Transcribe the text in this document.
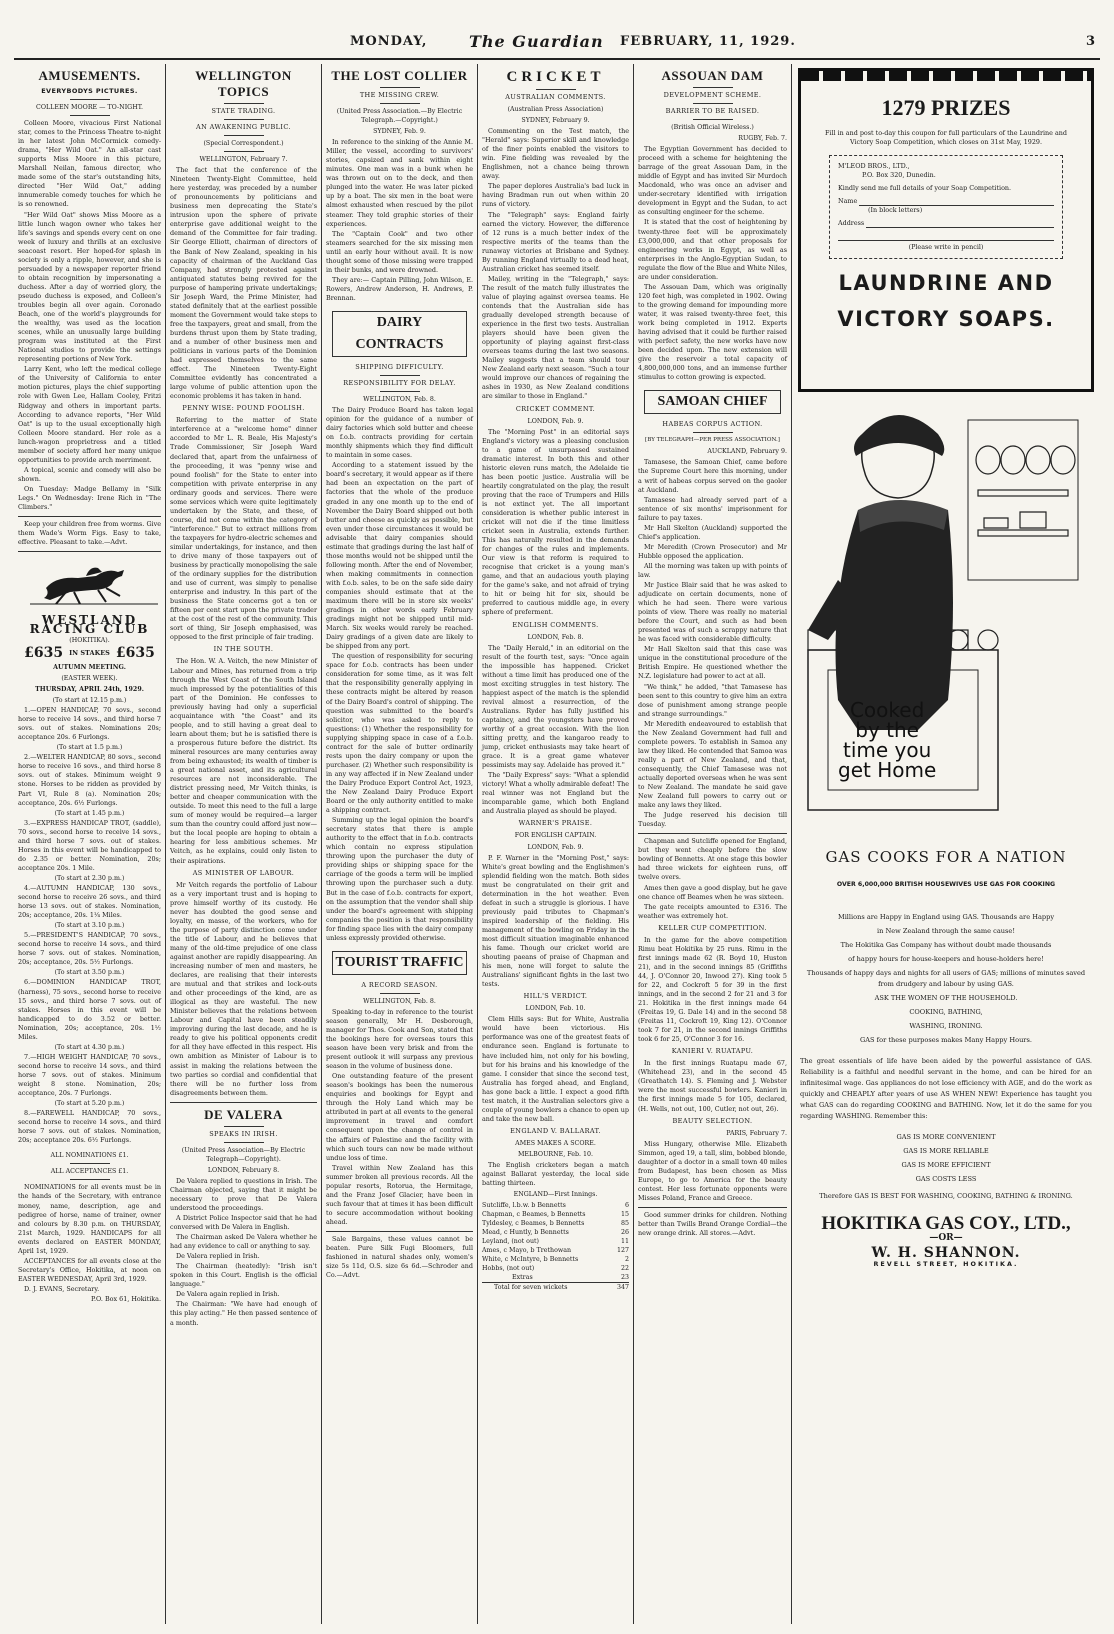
MONDAY,	The Guardian FEBRUARY, 11, 1929.	3
AMUSEMENTS.
EVERYBODYS PICTURES.
COLLEEN MOORE — TO-NIGHT.

Colleen Moore, vivacious First National star, comes to the Princess Theatre to-night in her latest John McCormick comedy-drama, "Her Wild Oat." An all-star cast supports Miss Moore in this picture, Marshall Neilan, famous director, who made some of the star's outstanding hits, directed "Her Wild Oat," adding innumerable comedy touches for which he is so renowned.

"Her Wild Oat" shows Miss Moore as a little lunch wagon owner who takes her life's savings and spends every cent on one week of luxury and thrills at an exclusive seacoast resort. Her hoped-for splash in society is only a ripple, however, and she is persuaded by a newspaper reporter friend to obtain recognition by impersonating a duchess. After a day of worried glory, the pseudo duchess is exposed, and Colleen's troubles begin all over again. Coronado Beach, one of the world's playgrounds for the wealthy, was used as the location scenes, while an unusually large building program was instituted at the First National studios to provide the settings representing portions of New York.

Larry Kent, who left the medical college of the University of California to enter motion pictures, plays the chief supporting role with Gwen Lee, Hallam Cooley, Fritzi Ridgway and others in important parts. According to advance reports, "Her Wild Oat" is up to the usual exceptionally high Colleen Moore standard. Her role as a lunch-wagon proprietress and a titled member of society afford her many unique opportunities to provide arch merriment.

A topical, scenic and comedy will also be shown.

On Tuesday: Madge Bellamy in "Silk Legs." On Wednesday: Irene Rich in "The Climbers."

Keep your children free from worms. Give them Wade's Worm Figs. Easy to take, effective. Pleasant to take.—Advt.

WESTLAND RACING CLUB
(HOKITIKA).
£635 IN STAKES £635
AUTUMN MEETING.
(EASTER WEEK).
THURSDAY, APRIL 24th, 1929.

(To start at 12.15 p.m.)

1.—OPEN HANDICAP, 70 sovs., second horse to receive 14 sovs., and third horse 7 sovs. out of stakes. Nominations 20s; acceptance 20s. 6 Furlongs.

(To start at 1.5 p.m.)

2.—WELTER HANDICAP, 80 sovs., second horse to receive 16 sovs., and third horse 8 sovs. out of stakes. Minimum weight 9 stone. Horses to be ridden as provided by Part VI, Rule 8 (a). Nomination 20s; acceptance, 20s. 6½ Furlongs.

(To start at 1.45 p.m.)

3.—EXPRESS HANDICAP TROT, (saddle), 70 sovs., second horse to receive 14 sovs., and third horse 7 sovs. out of stakes. Horses in this event will be handicapped to do 2.35 or better. Nomination, 20s; acceptance 20s. 1 Mile.

(To start at 2.30 p.m.)

4.—AUTUMN HANDICAP, 130 sovs., second horse to receive 26 sovs., and third horse 13 sovs. out of stakes. Nomination, 20s; acceptance, 20s. 1¼ Miles.

(To start at 3.10 p.m.)

5.—PRESIDENT'S HANDICAP, 70 sovs., second horse to receive 14 sovs., and third horse 7 sovs. out of stakes. Nomination, 20s; acceptance, 20s. 5½ Furlongs.

(To start at 3.50 p.m.)

6.—DOMINION HANDICAP TROT, (harness), 75 sovs., second horse to receive 15 sovs., and third horse 7 sovs. out of stakes. Horses in this event will be handicapped to do 3.52 or better. Nomination, 20s; acceptance, 20s. 1½ Miles.

(To start at 4.30 p.m.)

7.—HIGH WEIGHT HANDICAP, 70 sovs., second horse to receive 14 sovs., and third horse 7 sovs. out of stakes. Minimum weight 8 stone. Nomination, 20s; acceptance, 20s. 7 Furlongs.

(To start at 5.20 p.m.)

8.—FAREWELL HANDICAP, 70 sovs., second horse to receive 14 sovs., and third horse 7 sovs. out of stakes. Nomination, 20s; acceptance 20s. 6½ Furlongs.

ALL NOMINATIONS £1.
ALL ACCEPTANCES £1.

NOMINATIONS for all events must be in the hands of the Secretary, with entrance money, name, description, age and pedigree of horse, name of trainer, owner and colours by 8.30 p.m. on THURSDAY, 21st March, 1929. HANDICAPS for all events declared on EASTER MONDAY, April 1st, 1929.

ACCEPTANCES for all events close at the Secretary's Office, Hokitika, at noon on EASTER WEDNESDAY, April 3rd, 1929.

D. J. EVANS, Secretary.

P.O. Box 61, Hokitika.

WELLINGTON TOPICS
STATE TRADING.
AN AWAKENING PUBLIC.
(Special Correspondent.)
WELLINGTON, February 7.

The fact that the conference of the Nineteen Twenty-Eight Committee, held here yesterday, was preceded by a number of pronouncements by politicians and business men deprecating the State's intrusion upon the sphere of private enterprise gave additional weight to the demand of the Committee for fair trading. Sir George Elliott, chairman of directors of the Bank of New Zealand, speaking in his capacity of chairman of the Auckland Gas Company, had strongly protested against antiquated statutes being revived for the purpose of hampering private undertakings; Sir Joseph Ward, the Prime Minister, had stated definitely that at the earliest possible moment the Government would take steps to free the taxpayers, great and small, from the burdens thrust upon them by State trading, and a number of other business men and politicians in various parts of the Dominion had expressed themselves to the same effect. The Nineteen Twenty-Eight Committee evidently has concentrated a large volume of public attention upon the economic problems it has taken in hand.

PENNY WISE: POUND FOOLISH.

Referring to the matter of State interference at a "welcome home" dinner accorded to Mr L. R. Beale, His Majesty's Trade Commissioner, Sir Joseph Ward declared that, apart from the unfairness of the proceeding, it was "penny wise and pound foolish" for the State to enter into competition with private enterprise in any ordinary goods and services. There were some services which were quite legitimately undertaken by the State, and these, of course, did not come within the category of "interference." But to extract millions from the taxpayers for hydro-electric schemes and similar undertakings, for instance, and then to drive many of those taxpayers out of business by practically monopolising the sale of the ordinary supplies for the distribution and use of current, was simply to penalise enterprise and industry. In this part of the business the State concerns got a ten or fifteen per cent start upon the private trader at the cost of the rest of the community. This sort of thing, Sir Joseph emphasised, was opposed to the first principle of fair trading.

IN THE SOUTH.

The Hon. W. A. Veitch, the new Minister of Labour and Mines, has returned from a trip through the West Coast of the South Island much impressed by the potentialities of this part of the Dominion. He confesses to previously having had only a superficial acquaintance with "the Coast" and its people, and to still having a great deal to learn about them; but he is satisfied there is a prosperous future before the district. Its mineral resources are many centuries away from being exhausted; its wealth of timber is a great national asset, and its agricultural resources are not inconsiderable. The district pressing need, Mr Veitch thinks, is better and cheaper communication with the outside. To meet this need to the full a large sum of money would be required—a larger sum than the country could afford just now—but the local people are hoping to obtain a hearing for less ambitious schemes. Mr Veitch, as he explains, could only listen to their aspirations.

AS MINISTER OF LABOUR.

Mr Veitch regards the portfolio of Labour as a very important trust and is hoping to prove himself worthy of its custody. He never has doubted the good sense and loyalty, en masse, of the workers, who for the purpose of party distinction come under the title of Labour, and he believes that many of the old-time prejudice of one class against another are rapidly disappearing. An increasing number of men and masters, he declares, are realising that their interests are mutual and that strikes and lock-outs and other proceedings of the kind, are as illogical as they are wasteful. The new Minister believes that the relations between Labour and Capital have been steadily improving during the last decade, and he is ready to give his political opponents credit for all they have effected in this respect. His own ambition as Minister of Labour is to assist in making the relations between the two parties so cordial and confidential that there will be no further loss from disagreements between them.

DE VALERA
SPEAKS IN IRISH.
(United Press Association—By Electric Telegraph—Copyright).
LONDON, February 8.

De Valera replied to questions in Irish. The Chairman objected, saying that it might be necessary to prove that De Valera understood the proceedings.

A District Police Inspector said that he had conversed with De Valera in English.

The Chairman asked De Valera whether he had any evidence to call or anything to say.

De Valera replied in Irish.

The Chairman (heatedly): "Irish isn't spoken in this Court. English is the official language."

De Valera again replied in Irish.

The Chairman: "We have had enough of this play acting." He then passed sentence of a month.

THE LOST COLLIER
THE MISSING CREW.
(United Press Association.—By Electric Telegraph.—Copyright.)
SYDNEY, Feb. 9.

In reference to the sinking of the Annie M. Miller, the vessel, according to survivors' stories, capsized and sank within eight minutes. One man was in a bunk when he was thrown out on to the deck, and then plunged into the water. He was later picked up by a boat. The six men in the boat were almost exhausted when rescued by the pilot steamer. They told graphic stories of their experiences.

The "Captain Cook" and two other steamers searched for the six missing men until an early hour without avail. It is now thought some of those missing were trapped in their bunks, and were drowned.

They are:— Captain Pilling, John Wilson, E. Rowers, Andrew Anderson, H. Andrews, P. Brennan.

DAIRY CONTRACTS
SHIPPING DIFFICULTY.
RESPONSIBILITY FOR DELAY.
WELLINGTON, Feb. 8.

The Dairy Produce Board has taken legal opinion for the guidance of a number of dairy factories which sold butter and cheese on f.o.b. contracts providing for certain monthly shipments which they find difficult to maintain in some cases.

According to a statement issued by the board's secretary, it would appear as if there had been an expectation on the part of factories that the whole of the produce graded in any one month up to the end of November the Dairy Board shipped out both butter and cheese as quickly as possible, but even under those circumstances it would be advisable that dairy companies should estimate that gradings during the last half of those months would not be shipped until the following month. After the end of November, when making commitments in connection with f.o.b. sales, to be on the safe side dairy companies should estimate that at the maximum there will be in store six weeks' gradings in other words early February gradings might not be shipped until mid-March. Six weeks would rarely be reached. Dairy gradings of a given date are likely to be shipped from any port.

The question of responsibility for securing space for f.o.b. contracts has been under consideration for some time, as it was felt that the responsibility generally applying in these contracts might be altered by reason of the Dairy Board's control of shipping. The question was submitted to the board's solicitor, who was asked to reply to questions: (1) Whether the responsibility for supplying shipping space in case of a f.o.b. contract for the sale of butter ordinarily rests upon the dairy company or upon the purchaser. (2) Whether such responsibility is in any way affected if in New Zealand under the Dairy Produce Export Control Act, 1923, the New Zealand Dairy Produce Export Board or the only authority entitled to make a shipping contract.

Summing up the legal opinion the board's secretary states that there is ample authority to the effect that in f.o.b. contracts which contain no express stipulation throwing upon the purchaser the duty of providing ships or shipping space for the carriage of the goods a term will be implied throwing upon the purchaser such a duty. But in the case of f.o.b. contracts for export, on the assumption that the vendor shall ship under the board's agreement with shipping companies the position is that responsibility for finding space lies with the dairy company unless expressly provided otherwise.

TOURIST TRAFFIC
A RECORD SEASON.
WELLINGTON, Feb. 8.

Speaking to-day in reference to the tourist season generally, Mr H. Desborough, manager for Thos. Cook and Son, stated that the bookings here for overseas tours this season have been very brisk and from the present outlook it will surpass any previous season in the volume of business done.

One outstanding feature of the present season's bookings has been the numerous enquiries and bookings for Egypt and through the Holy Land which may be attributed in part at all events to the general improvement in travel and comfort consequent upon the change of control in the affairs of Palestine and the facility with which such tours can now be made without undue loss of time.

Travel within New Zealand has this summer broken all previous records. All the popular resorts, Rotorua, the Hermitage, and the Franz Josef Glacier, have been in such favour that at times it has been difficult to secure accommodation without booking ahead.

Sale Bargains, these values cannot be beaten. Pure Silk Fugi Bloomers, full fashioned in natural shades only, women's size 5s 11d, O.S. size 6s 6d.—Schroder and Co.—Advt.

CRICKET
AUSTRALIAN COMMENTS.
(Australian Press Association)
SYDNEY, February 9.

Commenting on the Test match, the "Herald" says: Superior skill and knowledge of the finer points enabled the visitors to win. Fine fielding was revealed by the Englishmen, not a chance being thrown away.

The paper deplores Australia's bad luck in having Bradman run out when within 20 runs of victory.

The "Telegraph" says: England fairly earned the victory. However, the difference of 12 runs is a much better index of the respective merits of the teams than the runaway victories at Brisbane and Sydney. By running England virtually to a dead heat, Australian cricket has seemed itself.

Mailey, writing in the "Telegraph," says: The result of the match fully illustrates the value of playing against oversea teams. He contends that the Australian side has gradually developed strength because of experience in the first two tests. Australian players should have been given the opportunity of playing against first-class overseas teams during the last two seasons. Mailey suggests that a team should tour New Zealand early next season. "Such a tour would improve our chances of regaining the ashes in 1930, as New Zealand conditions are similar to those in England."

CRICKET COMMENT.
LONDON, Feb. 9.

The "Morning Post" in an editorial says England's victory was a pleasing conclusion to a game of unsurpassed sustained dramatic interest. In both this and other historic eleven runs match, the Adelaide tie has been poetic justice. Australia will be heartily congratulated on the play, the result proving that the race of Trumpers and Hills is not extinct yet. The all important consideration is whether public interest in cricket will not die if the time limitless cricket seen in Australia, extends further. This has naturally resulted in the demands for changes of the rules and implements. Our view is that reform is required to recognise that cricket is a young man's game, and that an audacious youth playing for the game's sake, and not afraid of trying to hit or being hit for six, should be preferred to cautious middle age, in every sphere of preferment.

ENGLISH COMMENTS.
LONDON, Feb. 8.

The "Daily Herald," in an editorial on the result of the fourth test, says: "Once again the impossible has happened. Cricket without a time limit has produced one of the most exciting struggles in test history. The happiest aspect of the match is the splendid revival almost a resurrection, of the Australians. Ryder has fully justified his captaincy, and the youngsters have proved worthy of a great occasion. With the lion sitting pretty, and the kangaroo ready to jump, cricket enthusiasts may take heart of grace. It is a great game whatever pessimists may say. Adelaide has proved it."

The "Daily Express" says: "What a splendid victory! What a wholly admirable defeat! The real winner was not England but the incomparable game, which both England and Australia played as should be played.

WARNER'S PRAISE.
FOR ENGLISH CAPTAIN.
LONDON, Feb. 9.

P. F. Warner in the "Morning Post," says: White's great bowling and the Englishmen's splendid fielding won the match. Both sides must be congratulated on their grit and determination in the hot weather. Even defeat in such a struggle is glorious. I have previously paid tributes to Chapman's inspired leadership of the fielding. His management of the bowling on Friday in the most difficult situation imaginable enhanced his fame. Though our cricket world are shouting paeans of praise of Chapman and his men, none will forget to salute the Australians' significant fights in the last two tests.

HILL'S VERDICT.
LONDON, Feb. 10.

Clem Hills says: But for White, Australia would have been victorious. His performance was one of the greatest feats of endurance seen. England is fortunate to have included him, not only for his bowling, but for his brains and his knowledge of the game. I consider that since the second test, Australia has forged ahead, and England, has gone back a little. I expect a good fifth test match, it the Australian selectors give a couple of young bowlers a chance to open up and take the new ball.

ENGLAND V. BALLARAT.
AMES MAKES A SCORE.
MELBOURNE, Feb. 10.

The English cricketers began a match against Ballarat yesterday, the local side batting thirteen.

ENGLAND—First Innings.
Sutcliffe, l.b.w. b Bennetts	6
Chapman, c Beames, b Bennetts	15
Tyldesley, c Beames, b Bennetts	85
Mead, c Huntly, b Bennetts	26
Leyland, (not out)	11
Ames, c Mayo, b Trethowan	127
White, c McIntyre, b Bennetts	2
Hobbs, (not out)	22
Extras	23
Total for seven wickets	347
ASSOUAN DAM
DEVELOPMENT SCHEME.
BARRIER TO BE RAISED.
(British Official Wireless.)
RUGBY, Feb. 7.

The Egyptian Government has decided to proceed with a scheme for heightening the barrage of the great Assouan Dam, in the middle of Egypt and has invited Sir Murdoch Macdonald, who was once an adviser and under-secretary identified with irrigation development in Egypt and the Sudan, to act as consulting engineer for the scheme.

It is stated that the cost of heightening by twenty-three feet will be approximately £3,000,000, and that other proposals for engineering works in Egypt, as well as enterprises in the Anglo-Egyptian Sudan, to regulate the flow of the Blue and White Niles, are under consideration.

The Assouan Dam, which was originally 120 feet high, was completed in 1902. Owing to the growing demand for impounding more water, it was raised twenty-three feet, this work being completed in 1912. Experts having advised that it could be further raised with perfect safety, the new works have now been decided upon. The new extension will give the reservoir a total capacity of 4,800,000,000 tons, and an immense further stimulus to cotton growing is expected.

SAMOAN CHIEF
HABEAS CORPUS ACTION.
[BY TELEGRAPH—PER PRESS ASSOCIATION.]
AUCKLAND, February 9.

Tamasese, the Samoan Chief, came before the Supreme Court here this morning, under a writ of habeas corpus served on the gaoler at Auckland.

Tamasese had already served part of a sentence of six months' imprisonment for failure to pay taxes.

Mr Hall Skelton (Auckland) supported the Chief's application.

Mr Meredith (Crown Prosecutor) and Mr Hubble opposed the application.

All the morning was taken up with points of law.

Mr Justice Blair said that he was asked to adjudicate on certain documents, none of which he had seen. There were various points of view. There was really no material before the Court, and such as had been presented was of such a scrappy nature that he was faced with considerable difficulty.

Mr Hall Skelton said that this case was unique in the constitutional procedure of the British Empire. He questioned whether the N.Z. legislature had power to act at all.

"We think," he added, "that Tamasese has been sent to this country to give him an extra dose of punishment among strange people and strange surroundings."

Mr Meredith endeavoured to establish that the New Zealand Government had full and complete powers. To establish in Samoa any law they liked. He contended that Samoa was really a part of New Zealand, and that, consequently, the Chief Tamasese was not actually deported overseas when he was sent to New Zealand. The mandate he said gave New Zealand full powers to carry out or make any laws they liked.

The Judge reserved his decision till Tuesday.

Chapman and Sutcliffe opened for England, but they went cheaply before the slow bowling of Bennetts. At one stage this bowler had three wickets for eighteen runs, off twelve overs.

Ames then gave a good display, but he gave one chance off Beames when he was sixteen.

The gate receipts amounted to £316. The weather was extremely hot.

KELLER CUP COMPETITION.

In the game for the above competition Rimu beat Hokitika by 25 runs. Rimu in the first innings made 62 (R. Boyd 10, Huston 21), and in the second innings 85 (Griffiths 44, J. O'Connor 20, Inwood 27). King took 5 for 22, and Cockroft 5 for 39 in the first innings, and in the second 2 for 21 and 3 for 21. Hokitika in the first innings made 64 (Freitas 19, G. Dale 14) and in the second 58 (Freitas 11, Cockroft 19, King 12). O'Connor took 7 for 21, in the second innings Griffiths took 6 for 25, O'Connor 3 for 16.

KANIERI V. RUATAPU.

In the first innings Ruatapu made 67, (Whitehead 23), and in the second 45 (Greathatch 14). S. Fleming and J. Webster were the most successful bowlers. Kanieri in the first innings made 5 for 105, declared, (H. Wells, not out, 100, Cutler, not out, 26).

BEAUTY SELECTION.
PARIS, February 7.

Miss Hungary, otherwise Mlle. Elizabeth Simmon, aged 19, a tall, slim, bobbed blonde, daughter of a doctor in a small town 40 miles from Budapest, has been chosen as Miss Europe, to go to America for the beauty contest. Her less fortunate opponents were Misses Poland, France and Greece.

Good summer drinks for children. Nothing better than Twills Brand Orange Cordial—the new orange drink. All stores.—Advt.

1279 PRIZES
Fill in and post to-day this coupon for full particulars of the Laundrine and Victory Soap Competition, which closes on 31st May, 1929.
M'LEOD BROS., LTD.,
P.O. Box 320, Dunedin.
Kindly send me full details of your Soap Competition.
Name
(In block letters)
Address
(Please write in pencil)
LAUNDRINE AND
VICTORY SOAPS.
Cooked
by the
time you
get Home
GAS COOKS FOR A NATION
OVER 6,000,000 BRITISH HOUSEWIVES USE GAS FOR COOKING
Millions are Happy in England using GAS. Thousands are Happy
in New Zealand through the same cause!
The Hokitika Gas Company has without doubt made thousands
of happy hours for house-keepers and house-holders here!
Thousands of happy days and nights for all users of GAS; millions of minutes saved from drudgery and labour by using GAS.
ASK THE WOMEN OF THE HOUSEHOLD.
COOKING, BATHING,
WASHING, IRONING.
GAS for these purposes makes Many Happy Hours.
The great essentials of life have been aided by the powerful assistance of GAS. Reliability is a faithful and needful servant in the home, and can be hired for an infinitesimal wage. Gas appliances do not lose efficiency with AGE, and do the work as quickly and CHEAPLY after years of use AS WHEN NEW! Experience has taught you what GAS can do regarding COOKING and BATHING. Now, let it do the same for you regarding WASHING. Remember this:
GAS IS MORE CONVENIENT
GAS IS MORE RELIABLE
GAS IS MORE EFFICIENT
GAS COSTS LESS
Therefore GAS IS BEST FOR WASHING, COOKING, BATHING & IRONING.
HOKITIKA GAS COY., LTD.,
—OR—
W. H. SHANNON.
REVELL STREET, HOKITIKA.
